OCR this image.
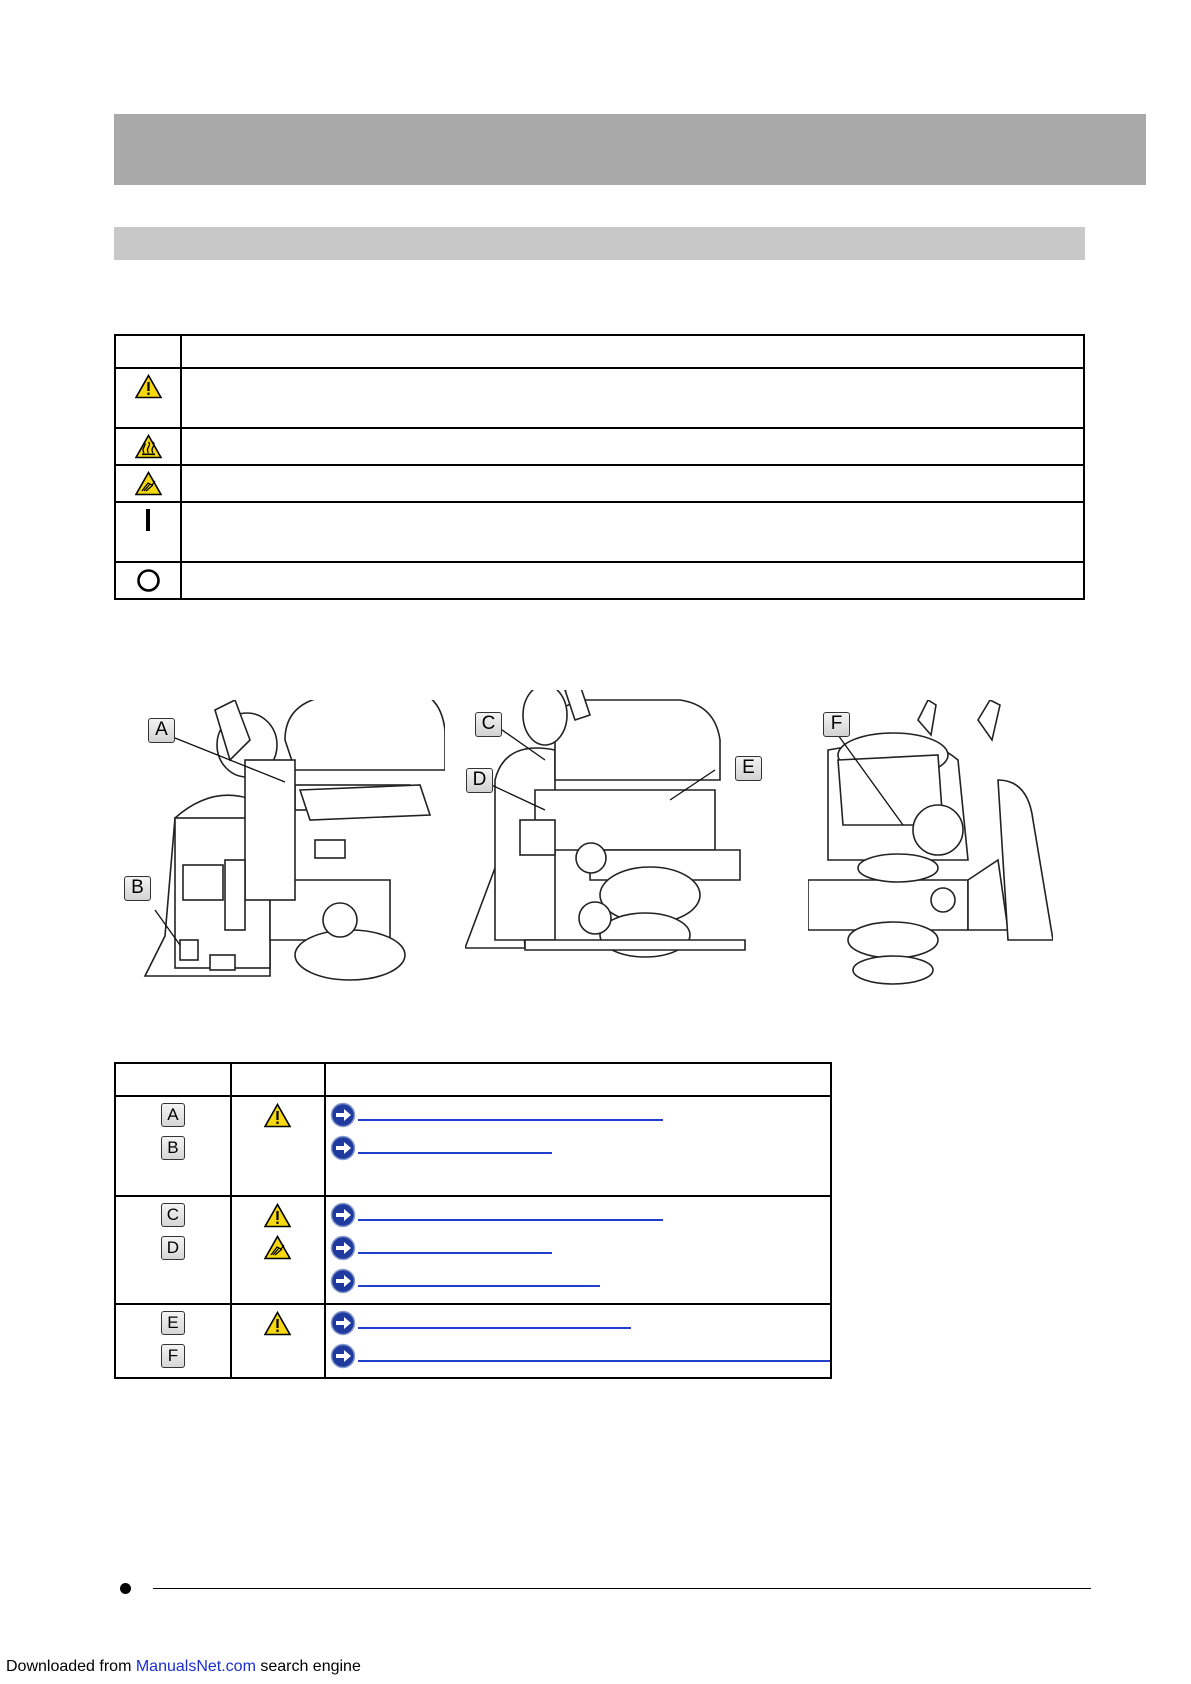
A
B
C
D
E
F

A
B

C
D

E
F

Downloaded from ManualsNet.com search engine
